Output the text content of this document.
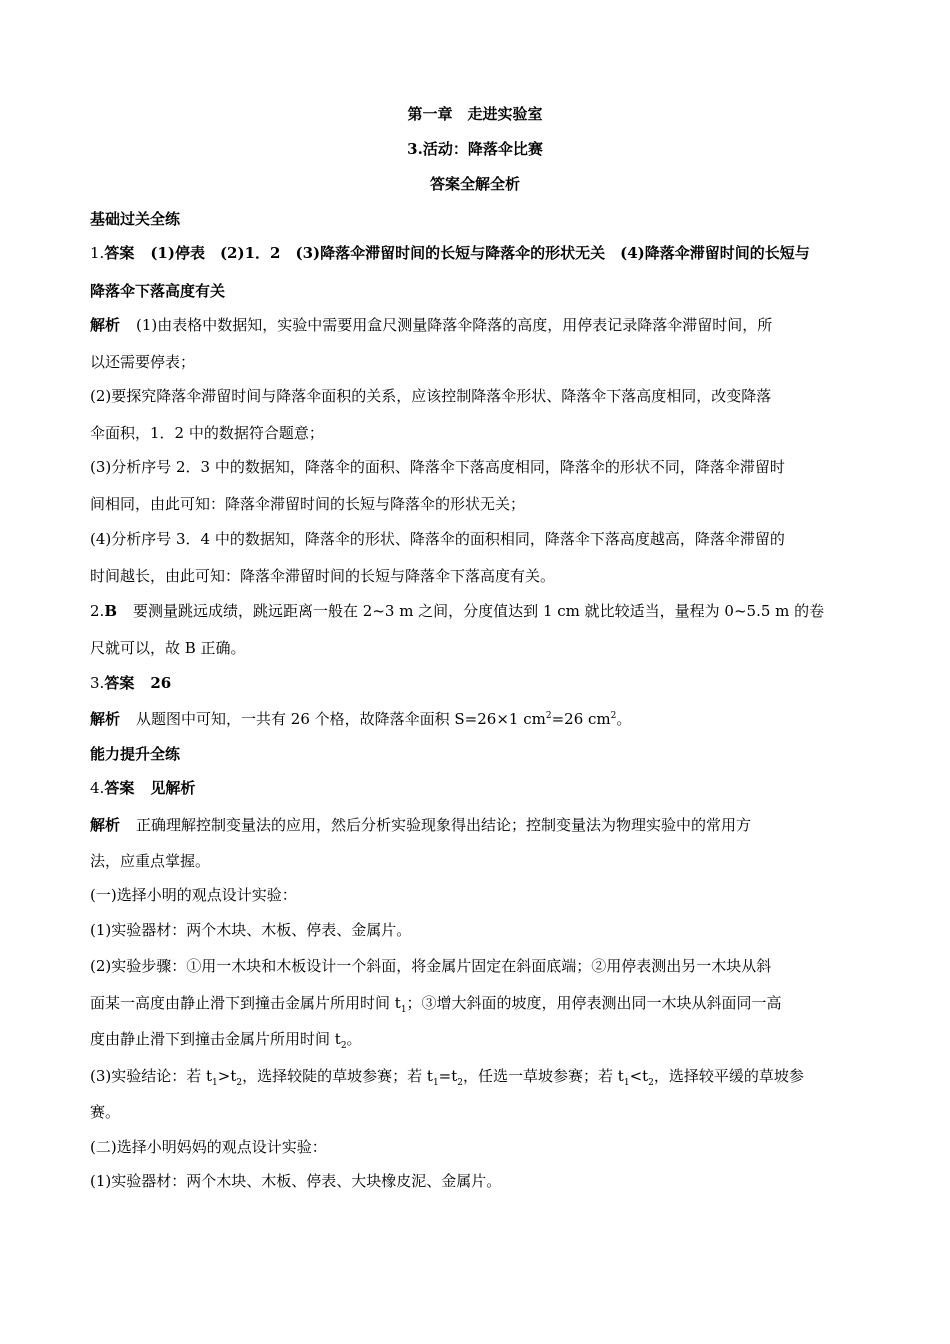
第一章　走进实验室
3.活动：降落伞比赛
答案全解全析
基础过关全练
1.答案 (1)停表　(2)1．2　(3)降落伞滞留时间的长短与降落伞的形状无关　(4)降落伞滞留时间的长短与
降落伞下落高度有关
解析 (1)由表格中数据知，实验中需要用盒尺测量降落伞降落的高度，用停表记录降落伞滞留时间，所
以还需要停表；
(2)要探究降落伞滞留时间与降落伞面积的关系，应该控制降落伞形状、降落伞下落高度相同，改变降落
伞面积，1．2 中的数据符合题意；
(3)分析序号 2．3 中的数据知，降落伞的面积、降落伞下落高度相同，降落伞的形状不同，降落伞滞留时
间相同，由此可知：降落伞滞留时间的长短与降落伞的形状无关；
(4)分析序号 3．4 中的数据知，降落伞的形状、降落伞的面积相同，降落伞下落高度越高，降落伞滞留的
时间越长，由此可知：降落伞滞留时间的长短与降落伞下落高度有关。
2.B 要测量跳远成绩，跳远距离一般在 2~3 m 之间，分度值达到 1 cm 就比较适当，量程为 0~5.5 m 的卷
尺就可以，故 B 正确。
3.答案 26
解析 从题图中可知，一共有 26 个格，故降落伞面积 S=26×1 $cm^2=26$ $cm^2$。
能力提升全练
4.答案 见解析
解析 正确理解控制变量法的应用，然后分析实验现象得出结论；控制变量法为物理实验中的常用方
法，应重点掌握。
(一)选择小明的观点设计实验：
(1)实验器材：两个木块、木板、停表、金属片。
(2)实验步骤：①用一木块和木板设计一个斜面，将金属片固定在斜面底端；②用停表测出另一木块从斜
面某一高度由静止滑下到撞击金属片所用时间 $t_1$；③增大斜面的坡度，用停表测出同一木块从斜面同一高
度由静止滑下到撞击金属片所用时间 $t_2$。
(3)实验结论：若 $t_1>t_2$，选择较陡的草坡参赛；若 $t_1=t_2$，任选一草坡参赛；若 $t_1<t_2$，选择较平缓的草坡参
赛。
(二)选择小明妈妈的观点设计实验：
(1)实验器材：两个木块、木板、停表、大块橡皮泥、金属片。
